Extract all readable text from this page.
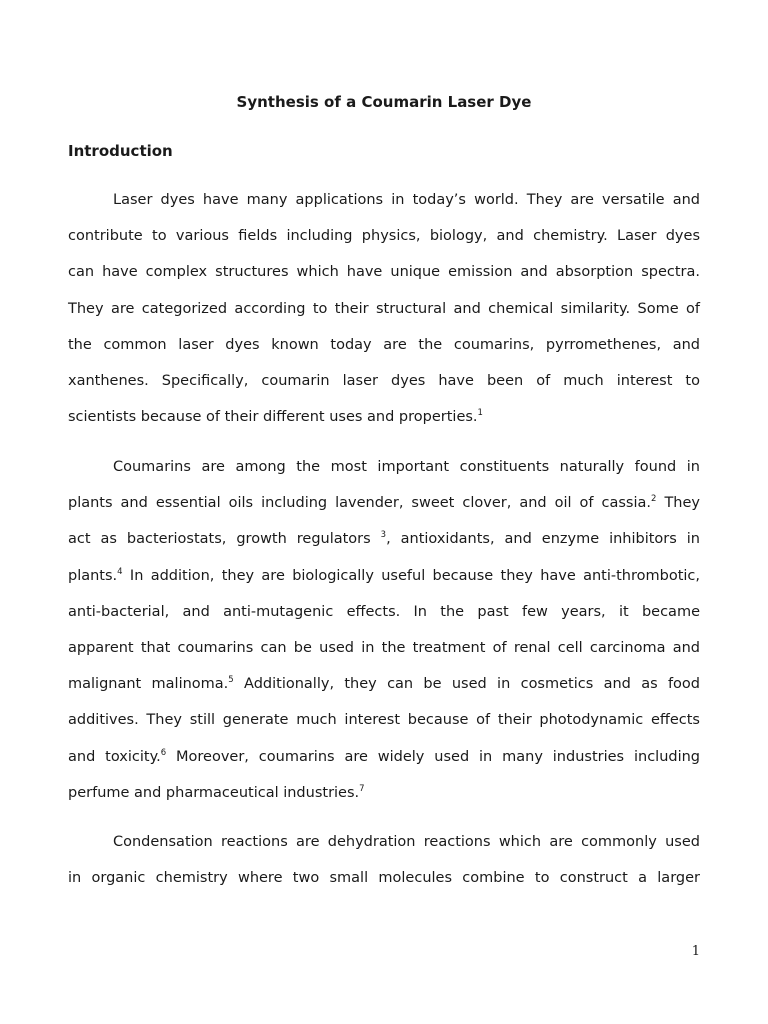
Synthesis of a Coumarin Laser Dye
Introduction
Laser dyes have many applications in today’s world. They are versatile and
contribute to various fields including physics, biology, and chemistry. Laser dyes
can have complex structures which have unique emission and absorption spectra.
They are categorized according to their structural and chemical similarity. Some of
the common laser dyes known today are the coumarins, pyrromethenes, and
xanthenes. Specifically, coumarin laser dyes have been of much interest to
scientists because of their different uses and properties.$^1$
Coumarins are among the most important constituents naturally found in
plants and essential oils including lavender, sweet clover, and oil of cassia.$^2$ They
act as bacteriostats, growth regulators $^3$, antioxidants, and enzyme inhibitors in
plants.$^4$ In addition, they are biologically useful because they have anti-thrombotic,
anti-bacterial, and anti-mutagenic effects. In the past few years, it became
apparent that coumarins can be used in the treatment of renal cell carcinoma and
malignant malinoma.$^5$ Additionally, they can be used in cosmetics and as food
additives. They still generate much interest because of their photodynamic effects
and toxicity.$^6$ Moreover, coumarins are widely used in many industries including
perfume and pharmaceutical industries.$^7$
Condensation reactions are dehydration reactions which are commonly used
in organic chemistry where two small molecules combine to construct a larger
1
